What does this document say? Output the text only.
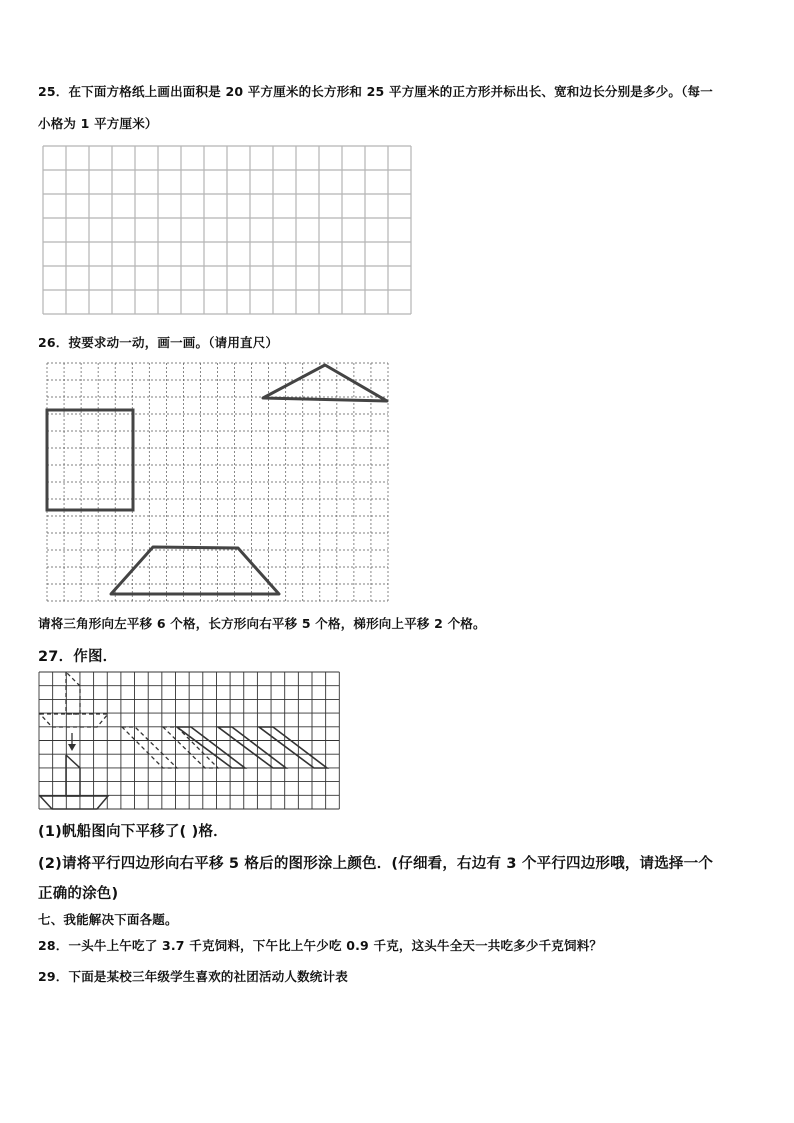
25．在下面方格纸上画出面积是 20 平方厘米的长方形和 25 平方厘米的正方形并标出长、宽和边长分别是多少。（每一
小格为 1 平方厘米）
26．按要求动一动，画一画。（请用直尺）
请将三角形向左平移 6 个格，长方形向右平移 5 个格，梯形向上平移 2 个格。
27．作图．
(1)帆船图向下平移了( )格．
(2)请将平行四边形向右平移 5 格后的图形涂上颜色．(仔细看，右边有 3 个平行四边形哦，请选择一个
正确的涂色)
七、我能解决下面各题。
28．一头牛上午吃了 3.7 千克饲料，下午比上午少吃 0.9 千克，这头牛全天一共吃多少千克饲料？
29．下面是某校三年级学生喜欢的社团活动人数统计表
